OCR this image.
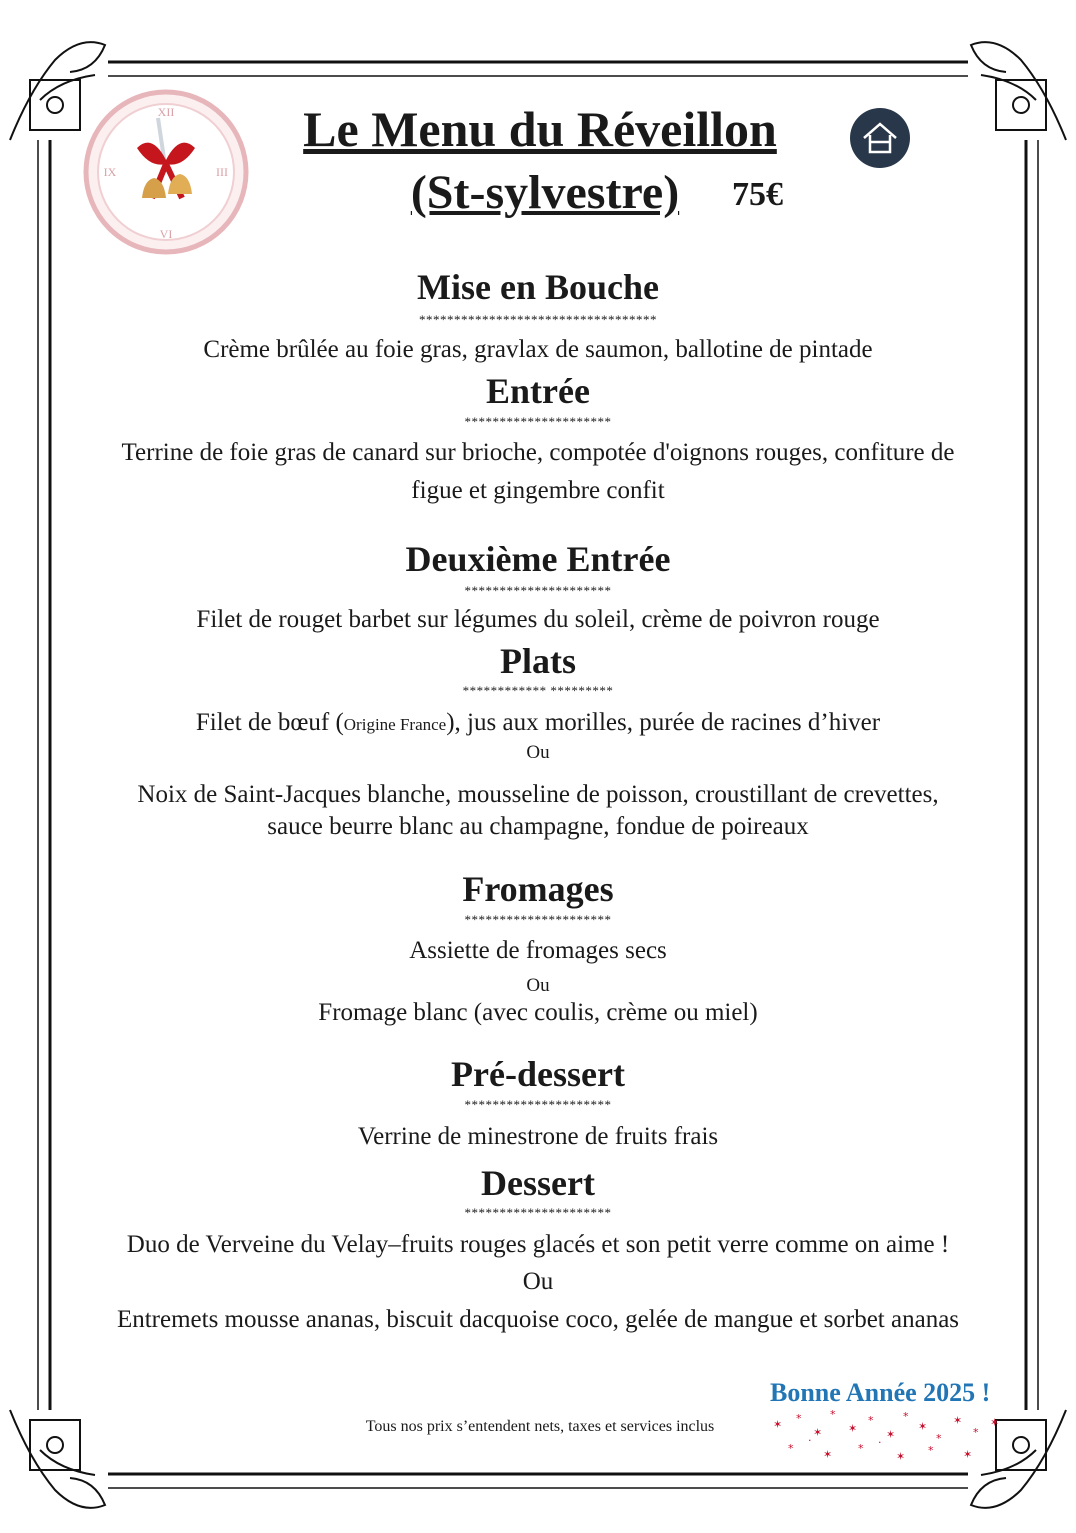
XII
III
VI
IX
Le Menu du Réveillon
(St-sylvestre)	75€
Mise en Bouche
**********************************
Crème brûlée au foie gras, gravlax de saumon, ballotine de pintade
Entrée
*********************
Terrine de foie gras de canard sur brioche, compotée d'oignons rouges, confiture de
figue et gingembre confit
Deuxième Entrée
*********************
Filet de rouget barbet sur légumes du soleil, crème de poivron rouge
Plats
************ *********
Filet de bœuf (Origine France), jus aux morilles, purée de racines d’hiver
Ou
Noix de Saint-Jacques blanche, mousseline de poisson, croustillant de crevettes,
sauce beurre blanc au champagne, fondue de poireaux
Fromages
*********************
Assiette de fromages secs
Ou
Fromage blanc (avec coulis, crème ou miel)
Pré-dessert
*********************
Verrine de minestrone de fruits frais
Dessert
*********************
Duo de Verveine du Velay–fruits rouges glacés et son petit verre comme on aime !
Ou
Entremets mousse ananas, biscuit dacquoise coco, gelée de mangue et sorbet ananas
Bonne Année 2025 !
Tous nos prix s’entendent nets, taxes et services inclus	✶ *
✶
*
✶
*
✶
*
✶
*
✶
*
✶
*	✶ *
✶ *	✶
·	·
